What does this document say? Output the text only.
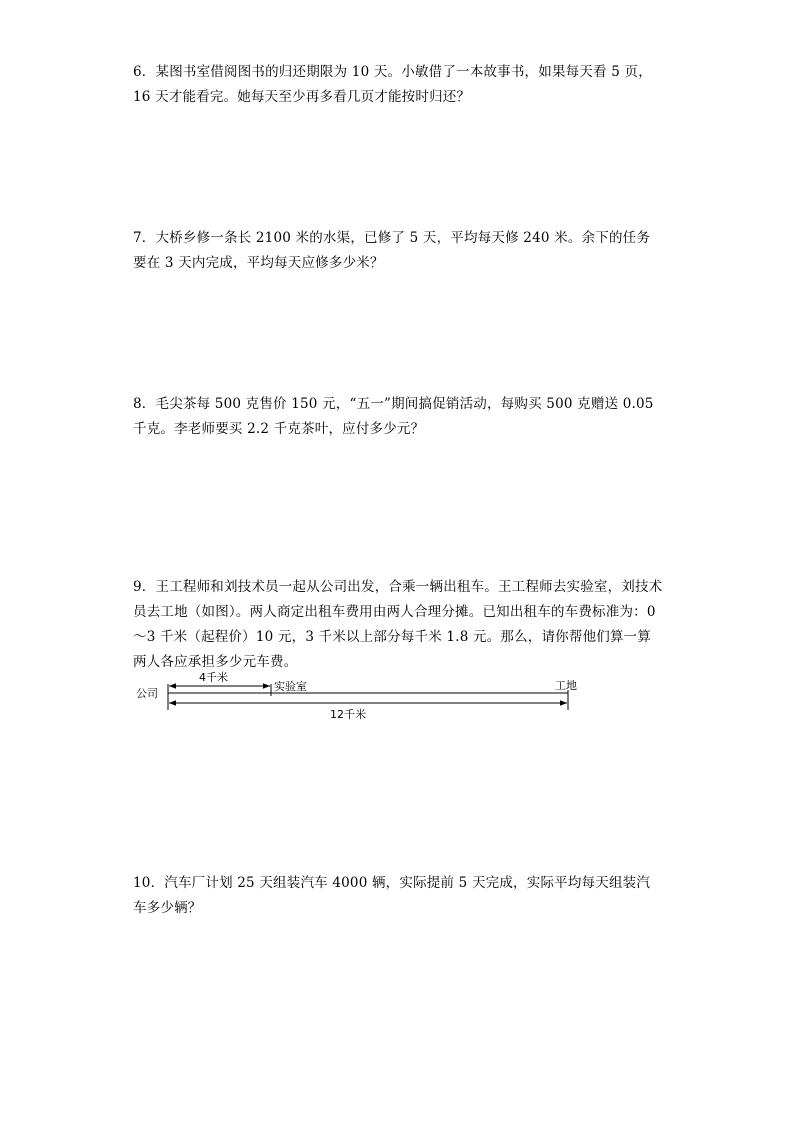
6．某图书室借阅图书的归还期限为 10 天。小敏借了一本故事书，如果每天看 5 页，16 天才能看完。她每天至少再多看几页才能按时归还？
7．大桥乡修一条长 2100 米的水渠，已修了 5 天，平均每天修 240 米。余下的任务要在 3 天内完成，平均每天应修多少米？
8．毛尖茶每 500 克售价 150 元，“五一”期间搞促销活动，每购买 500 克赠送 0.05 千克。李老师要买 2.2 千克茶叶，应付多少元？
9．王工程师和刘技术员一起从公司出发，合乘一辆出租车。王工程师去实验室，刘技术员去工地（如图）。两人商定出租车费用由两人合理分摊。已知出租车的车费标准为：0～3 千米（起程价）10 元，3 千米以上部分每千米 1.8 元。那么，请你帮他们算一算两人各应承担多少元车费。
公司
实验室	工地
4千米
12千米
10．汽车厂计划 25 天组装汽车 4000 辆，实际提前 5 天完成，实际平均每天组装汽车多少辆？
